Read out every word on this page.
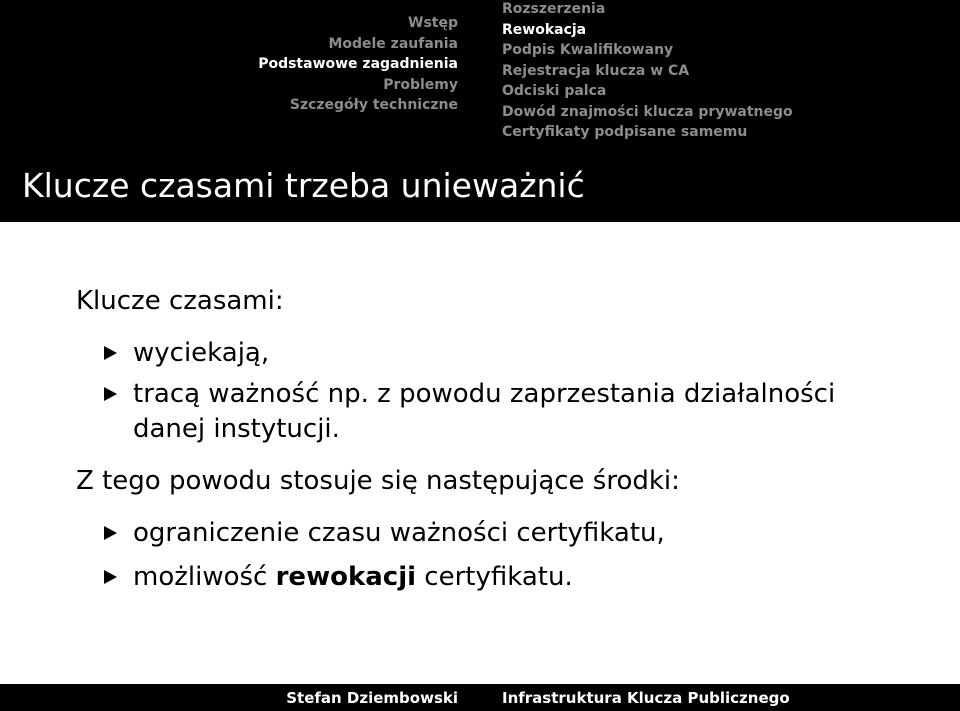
Wstęp
Modele zaufania
Podstawowe zagadnienia
Problemy
Szczegóły techniczne
Rozszerzenia
Rewokacja
Podpis Kwalifikowany
Rejestracja klucza w CA
Odciski palca
Dowód znajmości klucza prywatnego
Certyfikaty podpisane samemu
Klucze czasami trzeba unieważnić
Klucze czasami:
wyciekają,
tracą ważność np. z powodu zaprzestania działalności
danej instytucji.
Z tego powodu stosuje się następujące środki:
ograniczenie czasu ważności certyfikatu,
możliwość rewokacji certyfikatu.
Stefan Dziembowski	Infrastruktura Klucza Publicznego
